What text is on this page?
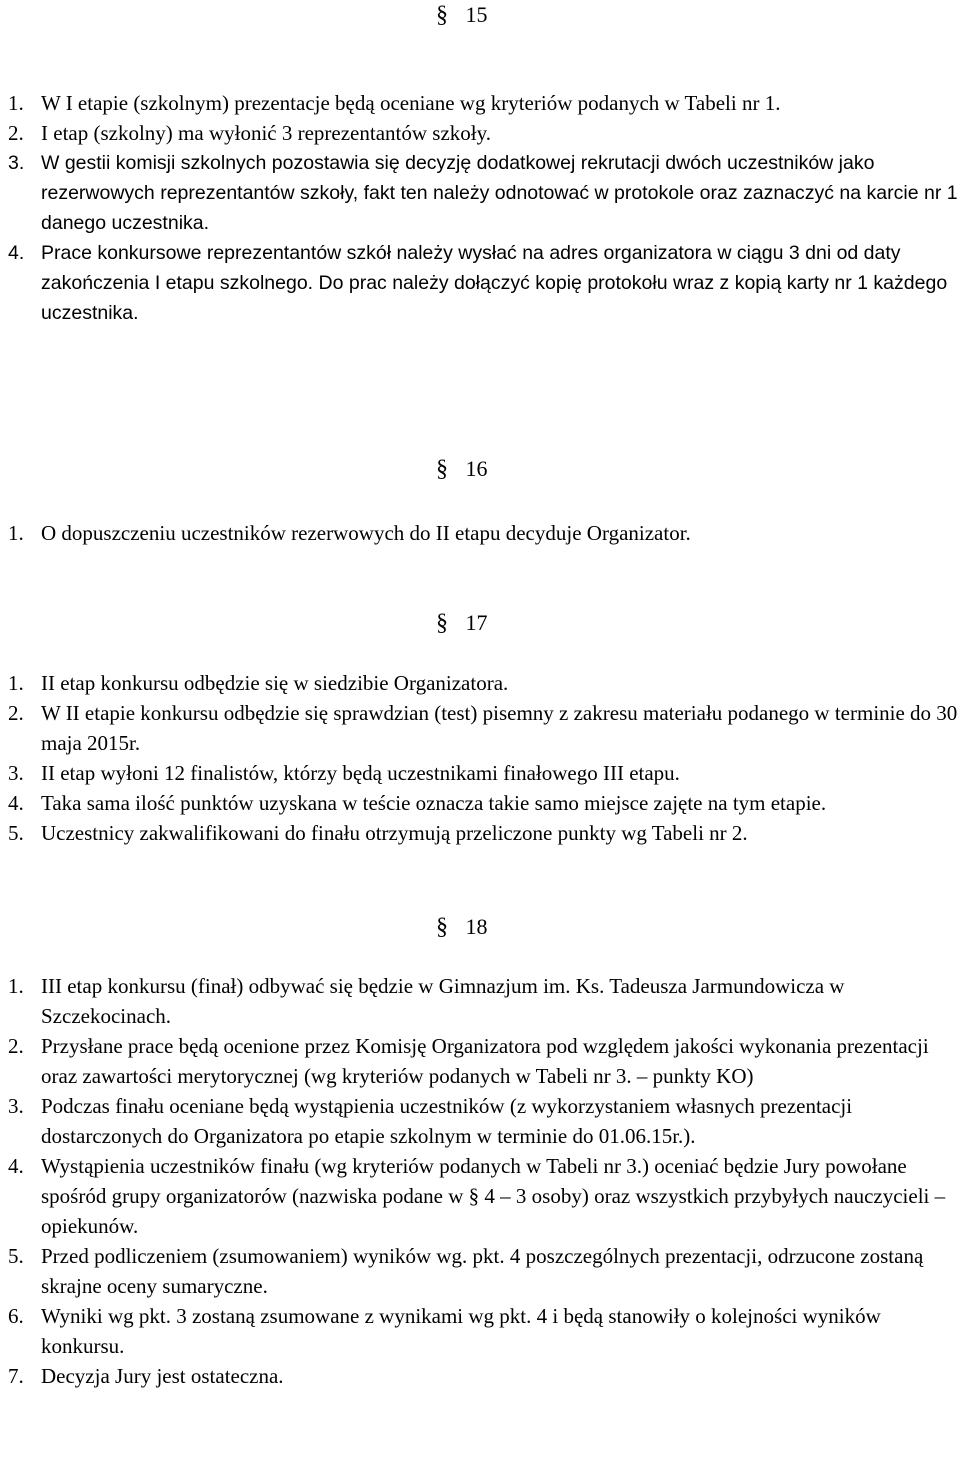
§ 15
1. W I etapie (szkolnym) prezentacje będą oceniane wg kryteriów podanych w Tabeli nr 1.
2. I etap (szkolny) ma wyłonić 3 reprezentantów szkoły.
3. W gestii komisji szkolnych pozostawia się decyzję dodatkowej rekrutacji dwóch uczestników jako rezerwowych reprezentantów szkoły, fakt ten należy odnotować w protokole oraz zaznaczyć na karcie nr 1 danego uczestnika.
4. Prace konkursowe reprezentantów szkół należy wysłać na adres organizatora w ciągu 3 dni od daty zakończenia I etapu szkolnego. Do prac należy dołączyć kopię protokołu wraz z kopią karty nr 1 każdego uczestnika.
§ 16
1. O dopuszczeniu uczestników rezerwowych do II etapu decyduje Organizator.
§ 17
1. II etap konkursu odbędzie się w siedzibie Organizatora.
2. W II etapie konkursu odbędzie się sprawdzian (test) pisemny z zakresu materiału podanego w terminie do 30 maja 2015r.
3. II etap wyłoni 12 finalistów, którzy będą uczestnikami finałowego III etapu.
4. Taka sama ilość punktów uzyskana w teście oznacza takie samo miejsce zajęte na tym etapie.
5. Uczestnicy zakwalifikowani do finału otrzymują przeliczone punkty wg Tabeli nr 2.
§ 18
1. III etap konkursu (finał) odbywać się będzie w Gimnazjum im. Ks. Tadeusza Jarmundowicza w Szczekocinach.
2. Przysłane prace będą ocenione przez Komisję Organizatora pod względem jakości wykonania prezentacji oraz zawartości merytorycznej (wg kryteriów podanych w Tabeli nr 3. – punkty KO)
3. Podczas finału oceniane będą wystąpienia uczestników (z wykorzystaniem własnych prezentacji dostarczonych do Organizatora po etapie szkolnym w terminie do 01.06.15r.).
4. Wystąpienia uczestników finału (wg kryteriów podanych w Tabeli nr 3.) oceniać będzie Jury powołane spośród grupy organizatorów (nazwiska podane w § 4 – 3 osoby) oraz wszystkich przybyłych nauczycieli – opiekunów.
5. Przed podliczeniem (zsumowaniem) wyników wg. pkt. 4 poszczególnych prezentacji, odrzucone zostaną skrajne oceny sumaryczne.
6. Wyniki wg pkt. 3 zostaną zsumowane z wynikami wg pkt. 4 i będą stanowiły o kolejności wyników konkursu.
7. Decyzja Jury jest ostateczna.
